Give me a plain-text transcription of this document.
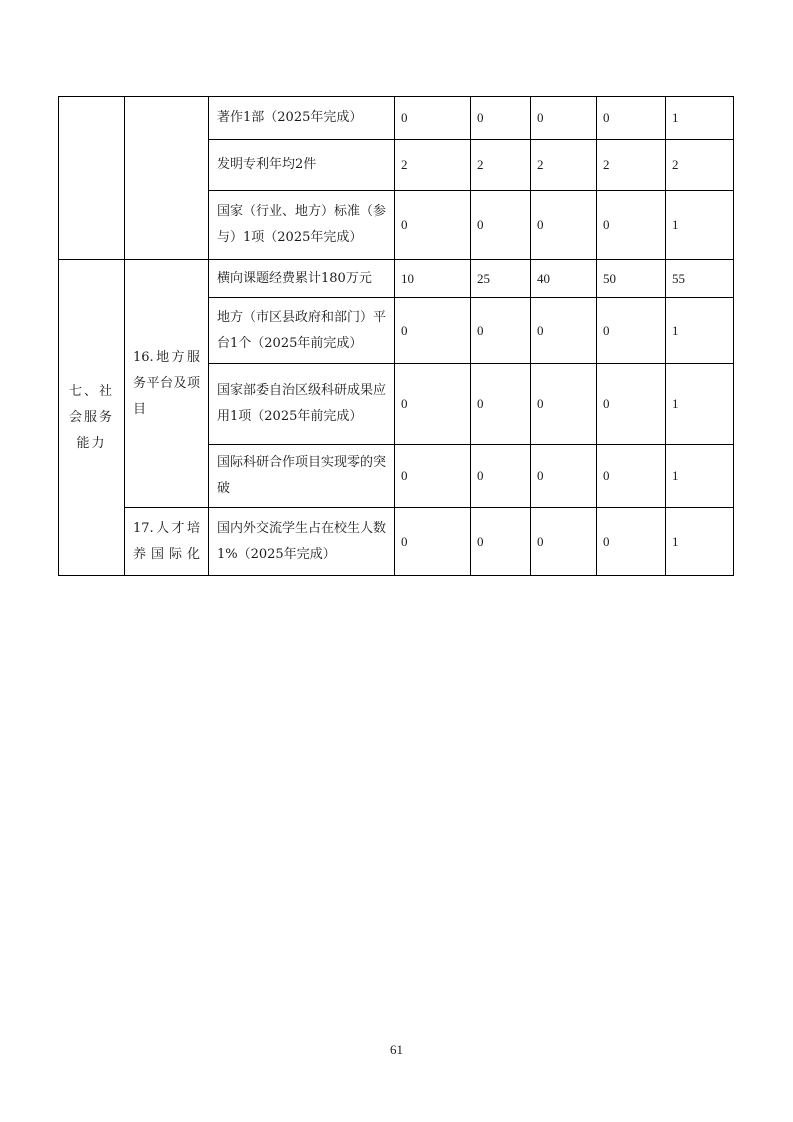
		著作1部（2025年完成）	0	0	0	0	1
		发明专利年均2件	2	2	2	2	2
		国家（行业、地方）标准（参与）1项（2025年完成）	0	0	0	0	1
七、社会服务能力	16.地方服务平台及项目	横向课题经费累计180万元	10	25	40	50	55
		地方（市区县政府和部门）平台1个（2025年前完成）	0	0	0	0	1
		国家部委自治区级科研成果应用1项（2025年前完成）	0	0	0	0	1
		国际科研合作项目实现零的突破	0	0	0	0	1
	17.人才培养国际化	国内外交流学生占在校生人数1%（2025年完成）	0	0	0	0	1
61
